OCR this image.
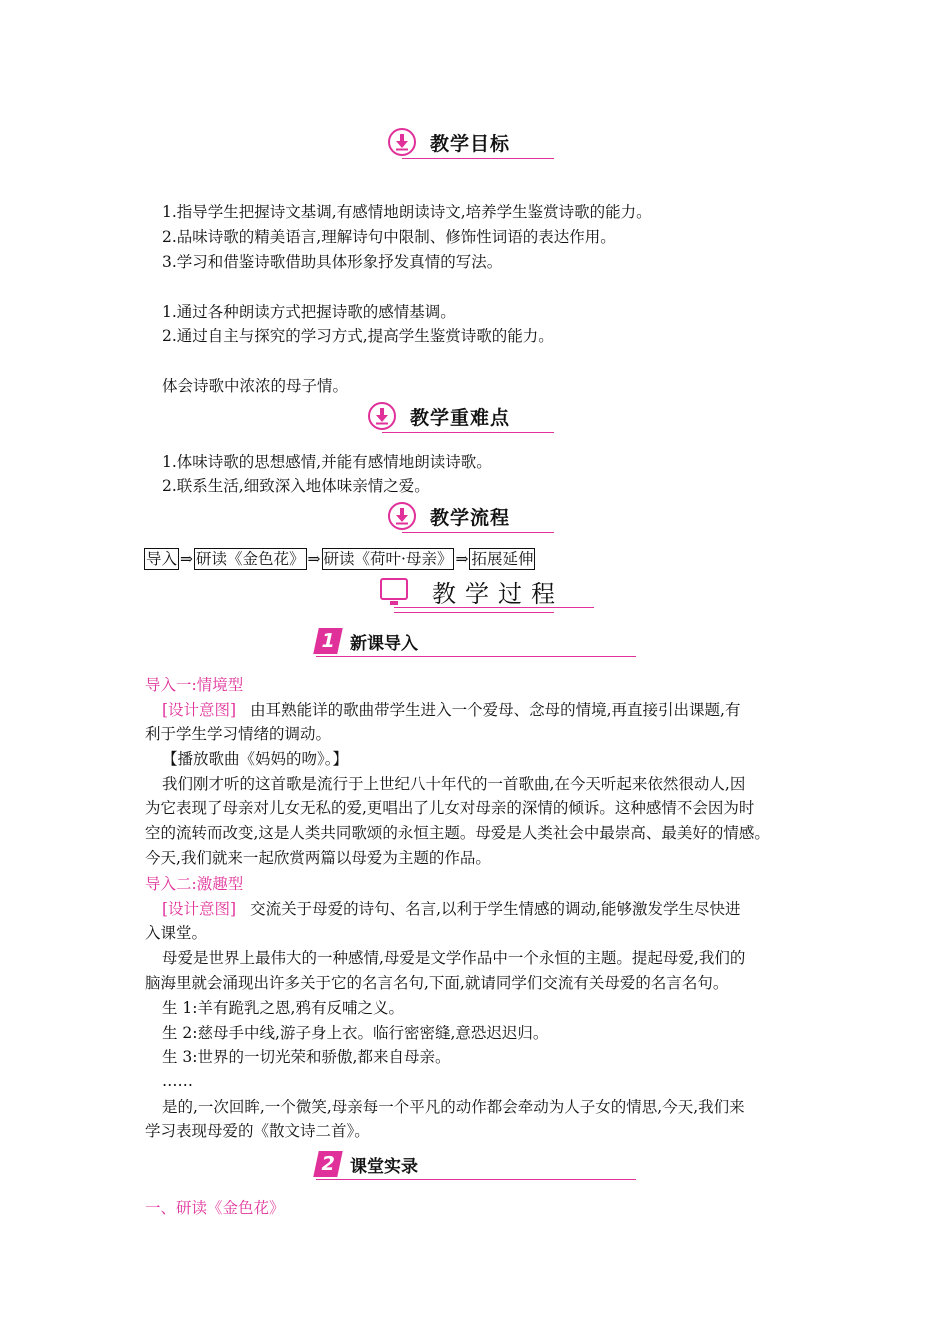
教学目标
1.指导学生把握诗文基调,有感情地朗读诗文,培养学生鉴赏诗歌的能力。
2.品味诗歌的精美语言,理解诗句中限制、修饰性词语的表达作用。
3.学习和借鉴诗歌借助具体形象抒发真情的写法。
1.通过各种朗读方式把握诗歌的感情基调。
2.通过自主与探究的学习方式,提高学生鉴赏诗歌的能力。
体会诗歌中浓浓的母子情。
教学重难点
1.体味诗歌的思想感情,并能有感情地朗读诗歌。
2.联系生活,细致深入地体味亲情之爱。
教学流程
导入 ⇒ 研读《金色花》 ⇒ 研读《荷叶·母亲》 ⇒ 拓展延伸
教学过程
1 新课导入
导入一:情境型
[设计意图] 由耳熟能详的歌曲带学生进入一个爱母、念母的情境,再直接引出课题,有
利于学生学习情绪的调动。
【播放歌曲《妈妈的吻》。】
我们刚才听的这首歌是流行于上世纪八十年代的一首歌曲,在今天听起来依然很动人,因
为它表现了母亲对儿女无私的爱,更唱出了儿女对母亲的深情的倾诉。这种感情不会因为时
空的流转而改变,这是人类共同歌颂的永恒主题。母爱是人类社会中最崇高、最美好的情感。
今天,我们就来一起欣赏两篇以母爱为主题的作品。
导入二:激趣型
[设计意图] 交流关于母爱的诗句、名言,以利于学生情感的调动,能够激发学生尽快进
入课堂。
母爱是世界上最伟大的一种感情,母爱是文学作品中一个永恒的主题。提起母爱,我们的
脑海里就会涌现出许多关于它的名言名句,下面,就请同学们交流有关母爱的名言名句。
生 1:羊有跪乳之恩,鸦有反哺之义。
生 2:慈母手中线,游子身上衣。临行密密缝,意恐迟迟归。
生 3:世界的一切光荣和骄傲,都来自母亲。
……
是的,一次回眸,一个微笑,母亲每一个平凡的动作都会牵动为人子女的情思,今天,我们来
学习表现母爱的《散文诗二首》。
2 课堂实录
一、研读《金色花》
